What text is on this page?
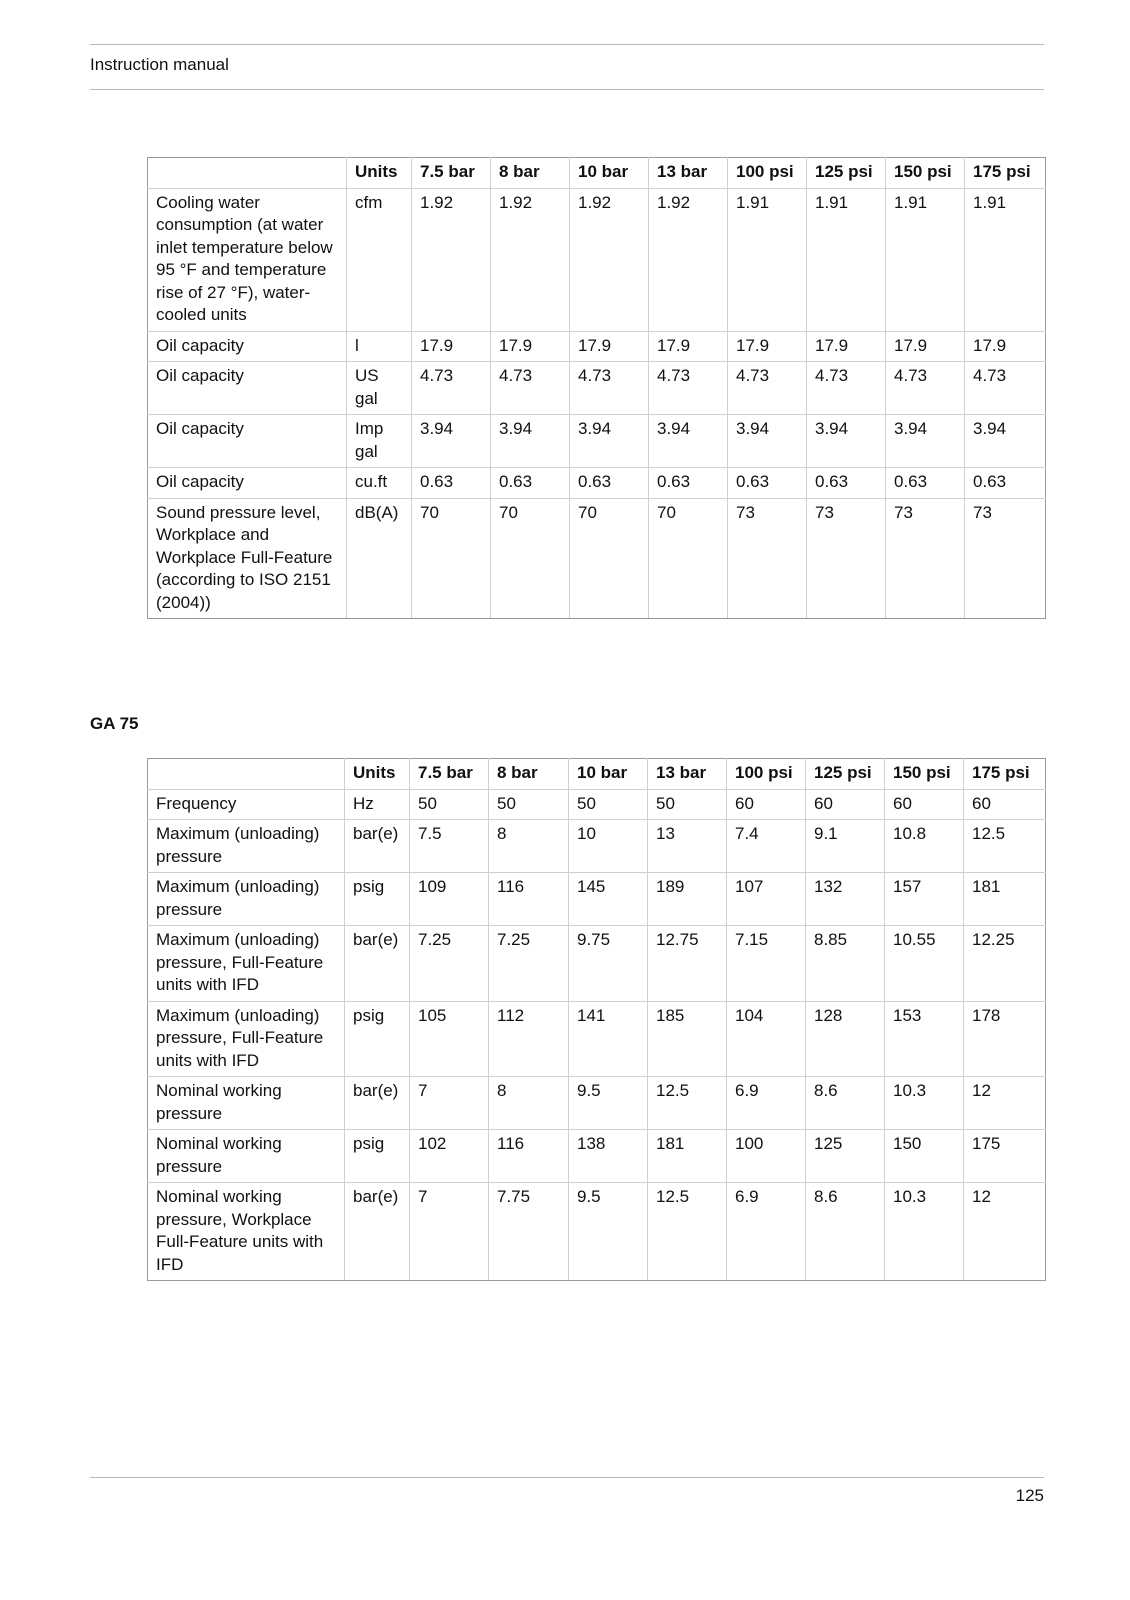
Instruction manual
	Units	7.5 bar	8 bar	10 bar	13 bar	100 psi	125 psi	150 psi	175 psi
Cooling water consumption (at water inlet temperature below 95 °F and temperature rise of 27 °F), water-cooled units	cfm	1.92	1.92	1.92	1.92	1.91	1.91	1.91	1.91
Oil capacity	l	17.9	17.9	17.9	17.9	17.9	17.9	17.9	17.9
Oil capacity	US gal	4.73	4.73	4.73	4.73	4.73	4.73	4.73	4.73
Oil capacity	Imp gal	3.94	3.94	3.94	3.94	3.94	3.94	3.94	3.94
Oil capacity	cu.ft	0.63	0.63	0.63	0.63	0.63	0.63	0.63	0.63
Sound pressure level, Workplace and Workplace Full-Feature (according to ISO 2151 (2004))	dB(A)	70	70	70	70	73	73	73	73
GA 75
	Units	7.5 bar	8 bar	10 bar	13 bar	100 psi	125 psi	150 psi	175 psi
Frequency	Hz	50	50	50	50	60	60	60	60
Maximum (unloading) pressure	bar(e)	7.5	8	10	13	7.4	9.1	10.8	12.5
Maximum (unloading) pressure	psig	109	116	145	189	107	132	157	181
Maximum (unloading) pressure, Full-Feature units with IFD	bar(e)	7.25	7.25	9.75	12.75	7.15	8.85	10.55	12.25
Maximum (unloading) pressure, Full-Feature units with IFD	psig	105	112	141	185	104	128	153	178
Nominal working pressure	bar(e)	7	8	9.5	12.5	6.9	8.6	10.3	12
Nominal working pressure	psig	102	116	138	181	100	125	150	175
Nominal working pressure, Workplace Full-Feature units with IFD	bar(e)	7	7.75	9.5	12.5	6.9	8.6	10.3	12
125
